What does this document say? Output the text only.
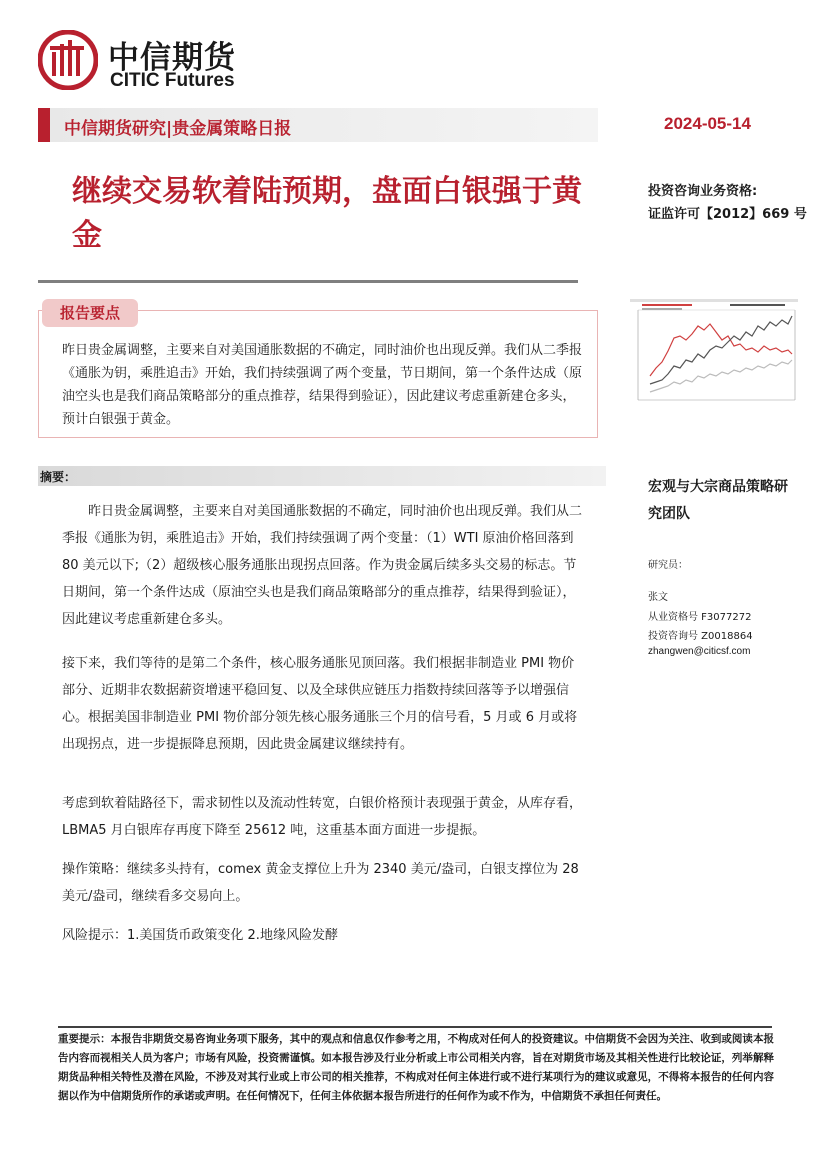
中信期货
CITIC Futures
中信期货研究|贵金属策略日报	2024-05-14
继续交易软着陆预期，盘面白银强于黄金
投资咨询业务资格:
证监许可【2012】669 号
报告要点
昨日贵金属调整，主要来自对美国通胀数据的不确定，同时油价也出现反弹。我们从二季报《通胀为钥，乘胜追击》开始，我们持续强调了两个变量，节日期间，第一个条件达成（原油空头也是我们商品策略部分的重点推荐，结果得到验证），因此建议考虑重新建仓多头，预计白银强于黄金。
摘要：
昨日贵金属调整，主要来自对美国通胀数据的不确定，同时油价也出现反弹。我们从二季报《通胀为钥，乘胜追击》开始，我们持续强调了两个变量：（1）WTI 原油价格回落到 80 美元以下;（2）超级核心服务通胀出现拐点回落。作为贵金属后续多头交易的标志。节日期间，第一个条件达成（原油空头也是我们商品策略部分的重点推荐，结果得到验证），因此建议考虑重新建仓多头。
接下来，我们等待的是第二个条件，核心服务通胀见顶回落。我们根据非制造业 PMI 物价部分、近期非农数据薪资增速平稳回复、以及全球供应链压力指数持续回落等予以增强信心。根据美国非制造业 PMI 物价部分领先核心服务通胀三个月的信号看，5 月或 6 月或将出现拐点，进一步提振降息预期，因此贵金属建议继续持有。
考虑到软着陆路径下，需求韧性以及流动性转宽，白银价格预计表现强于黄金，从库存看，LBMA5 月白银库存再度下降至 25612 吨，这重基本面方面进一步提振。
操作策略：继续多头持有，comex 黄金支撑位上升为 2340 美元/盎司，白银支撑位为 28 美元/盎司，继续看多交易向上。
风险提示：1.美国货币政策变化 2.地缘风险发酵
宏观与大宗商品策略研究团队
研究员：
张文
从业资格号 F3077272
投资咨询号 Z0018864
zhangwen@citicsf.com
重要提示：本报告非期货交易咨询业务项下服务，其中的观点和信息仅作参考之用，不构成对任何人的投资建议。中信期货不会因为关注、收到或阅读本报告内容而视相关人员为客户；市场有风险，投资需谨慎。如本报告涉及行业分析或上市公司相关内容，旨在对期货市场及其相关性进行比较论证，列举解释期货品种相关特性及潜在风险，不涉及对其行业或上市公司的相关推荐，不构成对任何主体进行或不进行某项行为的建议或意见，不得将本报告的任何内容据以作为中信期货所作的承诺或声明。在任何情况下，任何主体依据本报告所进行的任何作为或不作为，中信期货不承担任何责任。
